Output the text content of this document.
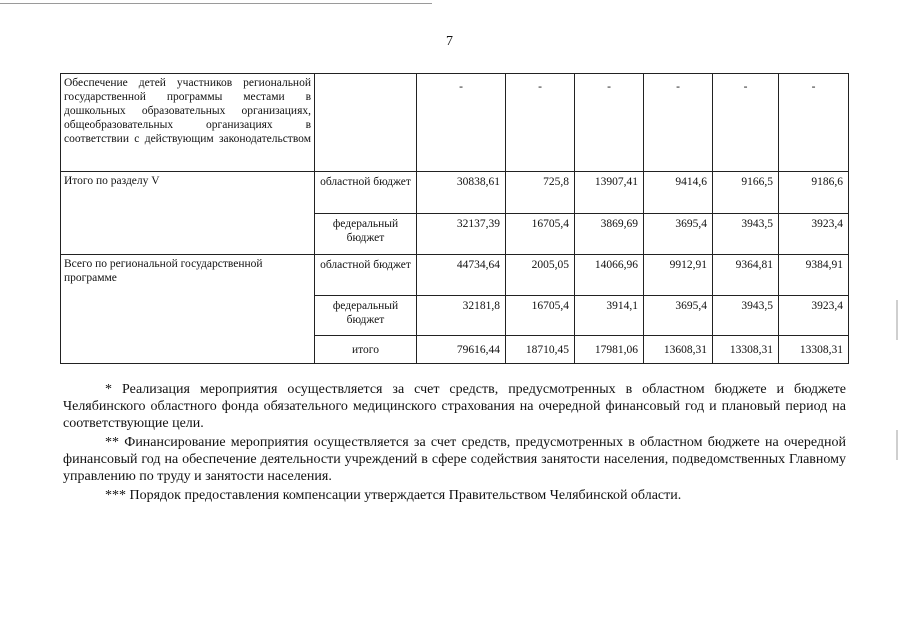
7
Обеспечение детей участников региональной государственной программы местами в дошкольных образовательных организациях, общеобразовательных организациях в соответствии с действующим законодательством		-	-	-	-	-	-
Итого по разделу V	областной бюджет	30838,61	725,8	13907,41	9414,6	9166,5	9186,6
	федеральный бюджет	32137,39	16705,4	3869,69	3695,4	3943,5	3923,4
Всего по региональной государственной программе	областной бюджет	44734,64	2005,05	14066,96	9912,91	9364,81	9384,91
	федеральный бюджет	32181,8	16705,4	3914,1	3695,4	3943,5	3923,4
	итого	79616,44	18710,45	17981,06	13608,31	13308,31	13308,31

* Реализация мероприятия осуществляется за счет средств, предусмотренных в областном бюджете и бюджете Челябинского областного фонда обязательного медицинского страхования на очередной финансовый год и плановый период на соответствующие цели.

** Финансирование мероприятия осуществляется за счет средств, предусмотренных в областном бюджете на очередной финансовый год на обеспечение деятельности учреждений в сфере содействия занятости населения, подведомственных Главному управлению по труду и занятости населения.

*** Порядок предоставления компенсации утверждается Правительством Челябинской области.
